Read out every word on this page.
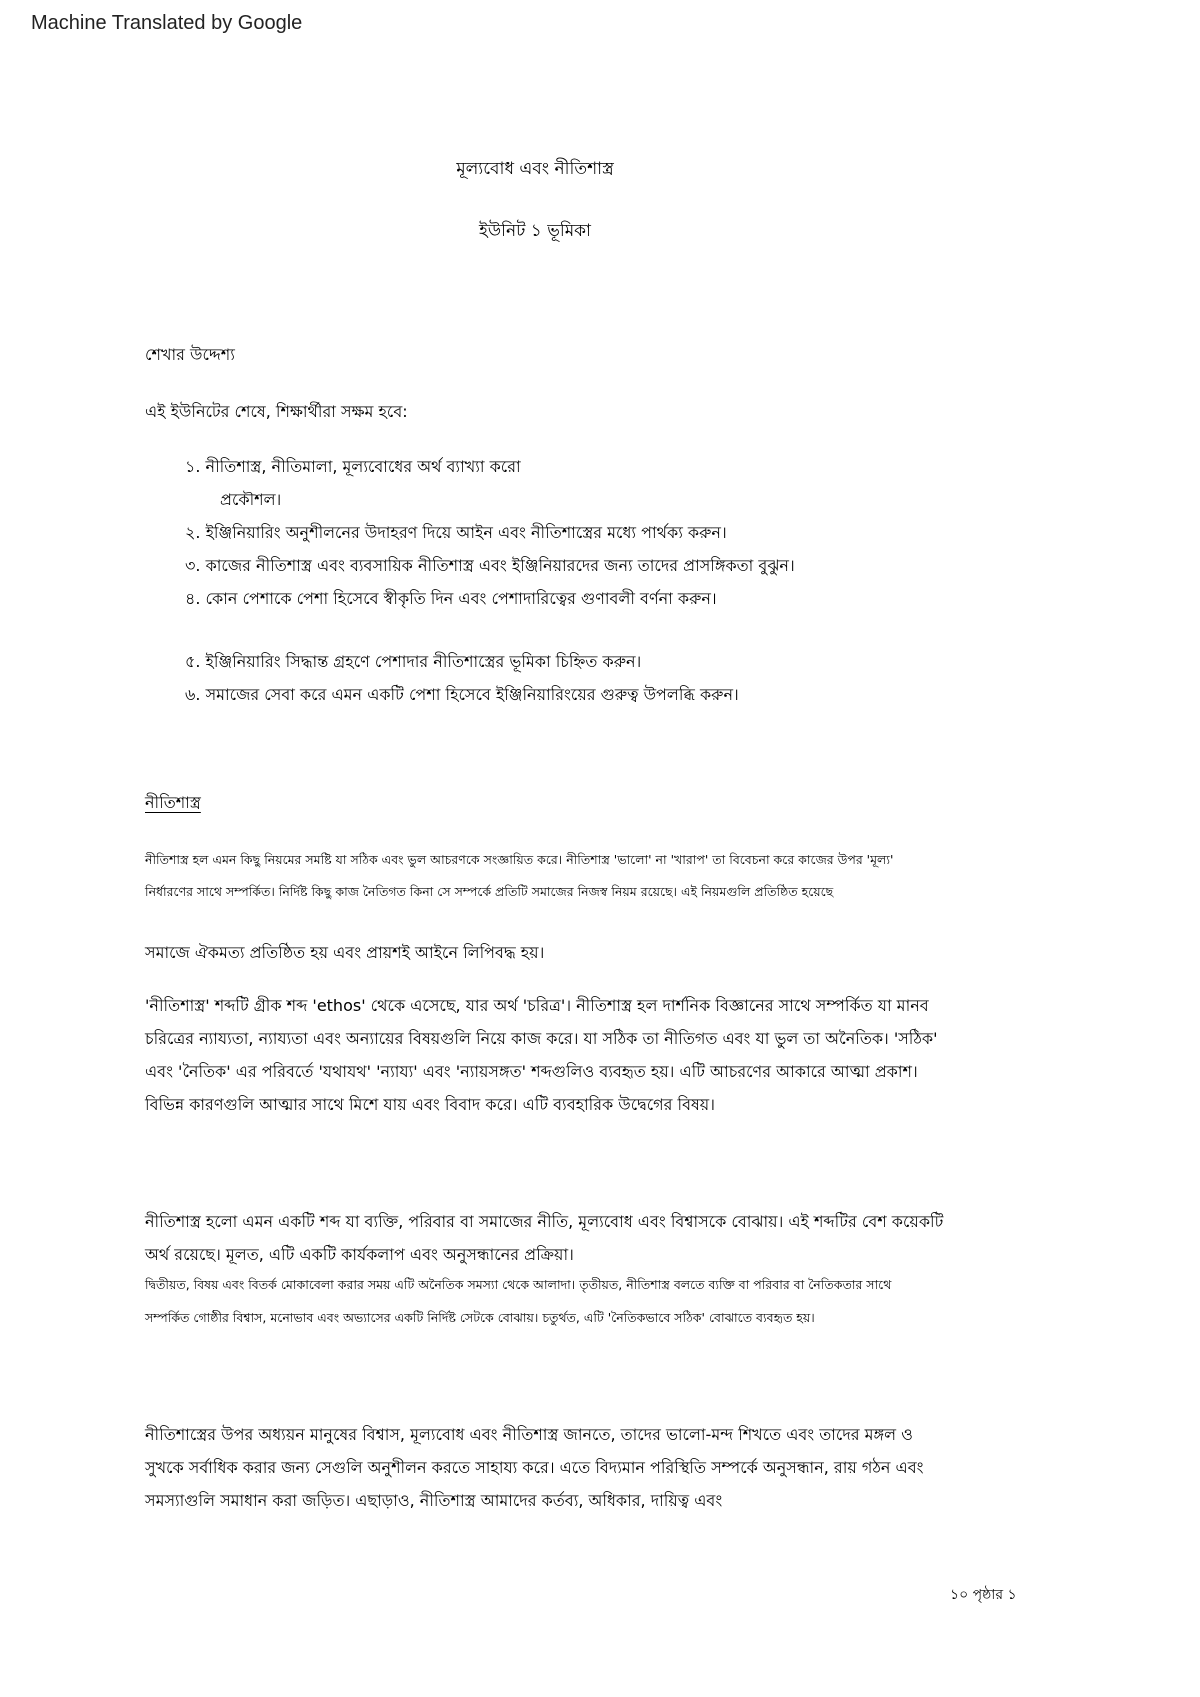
Machine Translated by Google
মূল্যবোধ এবং নীতিশাস্ত্র
ইউনিট ১ ভূমিকা
শেখার উদ্দেশ্য
এই ইউনিটের শেষে, শিক্ষার্থীরা সক্ষম হবে:
১. নীতিশাস্ত্র, নীতিমালা, মূল্যবোধের অর্থ ব্যাখ্যা করো
প্রকৌশল।
২. ইঞ্জিনিয়ারিং অনুশীলনের উদাহরণ দিয়ে আইন এবং নীতিশাস্ত্রের মধ্যে পার্থক্য করুন।
৩. কাজের নীতিশাস্ত্র এবং ব্যবসায়িক নীতিশাস্ত্র এবং ইঞ্জিনিয়ারদের জন্য তাদের প্রাসঙ্গিকতা বুঝুন।
৪. কোন পেশাকে পেশা হিসেবে স্বীকৃতি দিন এবং পেশাদারিত্বের গুণাবলী বর্ণনা করুন।
৫. ইঞ্জিনিয়ারিং সিদ্ধান্ত গ্রহণে পেশাদার নীতিশাস্ত্রের ভূমিকা চিহ্নিত করুন।
৬. সমাজের সেবা করে এমন একটি পেশা হিসেবে ইঞ্জিনিয়ারিংয়ের গুরুত্ব উপলব্ধি করুন।
নীতিশাস্ত্র
নীতিশাস্ত্র হল এমন কিছু নিয়মের সমষ্টি যা সঠিক এবং ভুল আচরণকে সংজ্ঞায়িত করে। নীতিশাস্ত্র 'ভালো' না 'খারাপ' তা বিবেচনা করে কাজের উপর 'মূল্য'
নির্ধারণের সাথে সম্পর্কিত। নির্দিষ্ট কিছু কাজ নৈতিগত কিনা সে সম্পর্কে প্রতিটি সমাজের নিজস্ব নিয়ম রয়েছে। এই নিয়মগুলি প্রতিষ্ঠিত হয়েছে
সমাজে ঐকমত্য প্রতিষ্ঠিত হয় এবং প্রায়শই আইনে লিপিবদ্ধ হয়।
'নীতিশাস্ত্র' শব্দটি গ্রীক শব্দ 'ethos' থেকে এসেছে, যার অর্থ 'চরিত্র'। নীতিশাস্ত্র হল দার্শনিক বিজ্ঞানের সাথে সম্পর্কিত যা মানব
চরিত্রের ন্যায্যতা, ন্যায্যতা এবং অন্যায়ের বিষয়গুলি নিয়ে কাজ করে। যা সঠিক তা নীতিগত এবং যা ভুল তা অনৈতিক। 'সঠিক'
এবং 'নৈতিক' এর পরিবর্তে 'যথাযথ' 'ন্যায্য' এবং 'ন্যায়সঙ্গত' শব্দগুলিও ব্যবহৃত হয়। এটি আচরণের আকারে আত্মা প্রকাশ।
বিভিন্ন কারণগুলি আত্মার সাথে মিশে যায় এবং বিবাদ করে। এটি ব্যবহারিক উদ্বেগের বিষয়।
নীতিশাস্ত্র হলো এমন একটি শব্দ যা ব্যক্তি, পরিবার বা সমাজের নীতি, মূল্যবোধ এবং বিশ্বাসকে বোঝায়। এই শব্দটির বেশ কয়েকটি
অর্থ রয়েছে। মূলত, এটি একটি কার্যকলাপ এবং অনুসন্ধানের প্রক্রিয়া।
দ্বিতীয়ত, বিষয় এবং বিতর্ক মোকাবেলা করার সময় এটি অনৈতিক সমস্যা থেকে আলাদা। তৃতীয়ত, নীতিশাস্ত্র বলতে ব্যক্তি বা পরিবার বা নৈতিকতার সাথে
সম্পর্কিত গোষ্ঠীর বিশ্বাস, মনোভাব এবং অভ্যাসের একটি নির্দিষ্ট সেটকে বোঝায়। চতুর্থত, এটি 'নৈতিকভাবে সঠিক' বোঝাতে ব্যবহৃত হয়।
নীতিশাস্ত্রের উপর অধ্যয়ন মানুষের বিশ্বাস, মূল্যবোধ এবং নীতিশাস্ত্র জানতে, তাদের ভালো-মন্দ শিখতে এবং তাদের মঙ্গল ও
সুখকে সর্বাধিক করার জন্য সেগুলি অনুশীলন করতে সাহায্য করে। এতে বিদ্যমান পরিস্থিতি সম্পর্কে অনুসন্ধান, রায় গঠন এবং
সমস্যাগুলি সমাধান করা জড়িত। এছাড়াও, নীতিশাস্ত্র আমাদের কর্তব্য, অধিকার, দায়িত্ব এবং
১০ পৃষ্ঠার ১
